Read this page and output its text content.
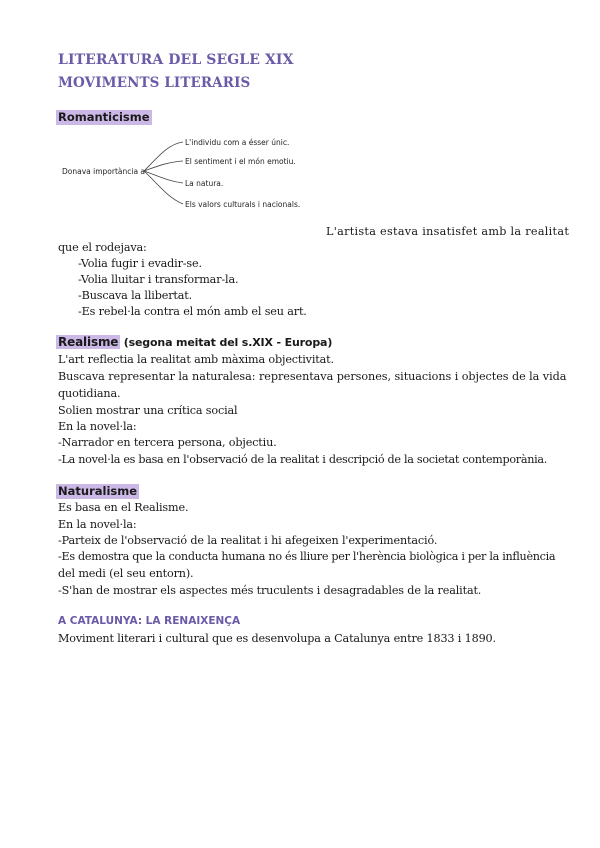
LITERATURA DEL SEGLE XIX
MOVIMENTS LITERARIS
Romanticisme
Donava importància a
L'individu com a ésser únic.
El sentiment i el món emotiu.
La natura.
Els valors culturals i nacionals.
L'artista estava insatisfet amb la realitat
que el rodejava:
-Volia fugir i evadir-se.
-Volia lluitar i transformar-la.
-Buscava la llibertat.
-Es rebel·la contra el món amb el seu art.
Realisme (segona meitat del s.XIX - Europa)
L'art reflectia la realitat amb màxima objectivitat.
Buscava representar la naturalesa: representava persones, situacions i objectes de la vida
quotidiana.
Solien mostrar una crítica social
En la novel·la:
-Narrador en tercera persona, objectiu.
-La novel·la es basa en l'observació de la realitat i descripció de la societat contemporània.
Naturalisme
Es basa en el Realisme.
En la novel·la:
-Parteix de l'observació de la realitat i hi afegeixen l'experimentació.
-Es demostra que la conducta humana no és lliure per l'herència biològica i per la influència
del medi (el seu entorn).
-S'han de mostrar els aspectes més truculents i desagradables de la realitat.
A CATALUNYA: LA RENAIXENÇA
Moviment literari i cultural que es desenvolupa a Catalunya entre 1833 i 1890.
